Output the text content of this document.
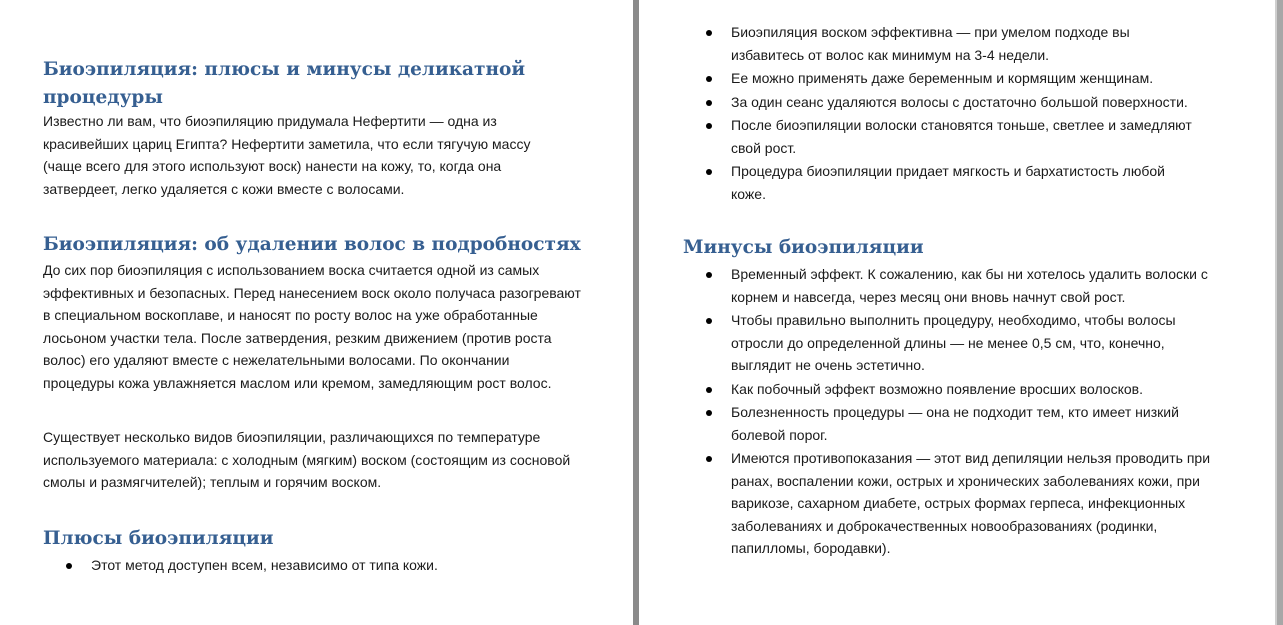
Биоэпиляция: плюсы и минусы деликатной процедуры

Известно ли вам, что биоэпиляцию придумала Нефертити — одна из красивейших цариц Египта? Нефертити заметила, что если тягучую массу (чаще всего для этого используют воск) нанести на кожу, то, когда она затвердеет, легко удаляется с кожи вместе с волосами.

Биоэпиляция: об удалении волос в подробностях

До сих пор биоэпиляция с использованием воска считается одной из самых эффективных и безопасных. Перед нанесением воск около получаса разогревают в специальном воскоплаве, и наносят по росту волос на уже обработанные лосьоном участки тела. После затвердения, резким движением (против роста волос) его удаляют вместе с нежелательными волосами. По окончании процедуры кожа увлажняется маслом или кремом, замедляющим рост волос.

Существует несколько видов биоэпиляции, различающихся по температуре используемого материала: с холодным (мягким) воском (состоящим из сосновой смолы и размягчителей); теплым и горячим воском.

Плюсы биоэпиляции
Этот метод доступен всем, независимо от типа кожи.
Биоэпиляция воском эффективна — при умелом подходе вы избавитесь от волос как минимум на 3-4 недели.
Ее можно применять даже беременным и кормящим женщинам.
За один сеанс удаляются волосы с достаточно большой поверхности.
После биоэпиляции волоски становятся тоньше, светлее и замедляют свой рост.
Процедура биоэпиляции придает мягкость и бархатистость любой коже.
Минусы биоэпиляции
Временный эффект. К сожалению, как бы ни хотелось удалить волоски с корнем и навсегда, через месяц они вновь начнут свой рост.
Чтобы правильно выполнить процедуру, необходимо, чтобы волосы отросли до определенной длины — не менее 0,5 см, что, конечно, выглядит не очень эстетично.
Как побочный эффект возможно появление вросших волосков.
Болезненность процедуры — она не подходит тем, кто имеет низкий болевой порог.
Имеются противопоказания — этот вид депиляции нельзя проводить при ранах, воспалении кожи, острых и хронических заболеваниях кожи, при варикозе, сахарном диабете, острых формах герпеса, инфекционных заболеваниях и доброкачественных новообразованиях (родинки, папилломы, бородавки).
